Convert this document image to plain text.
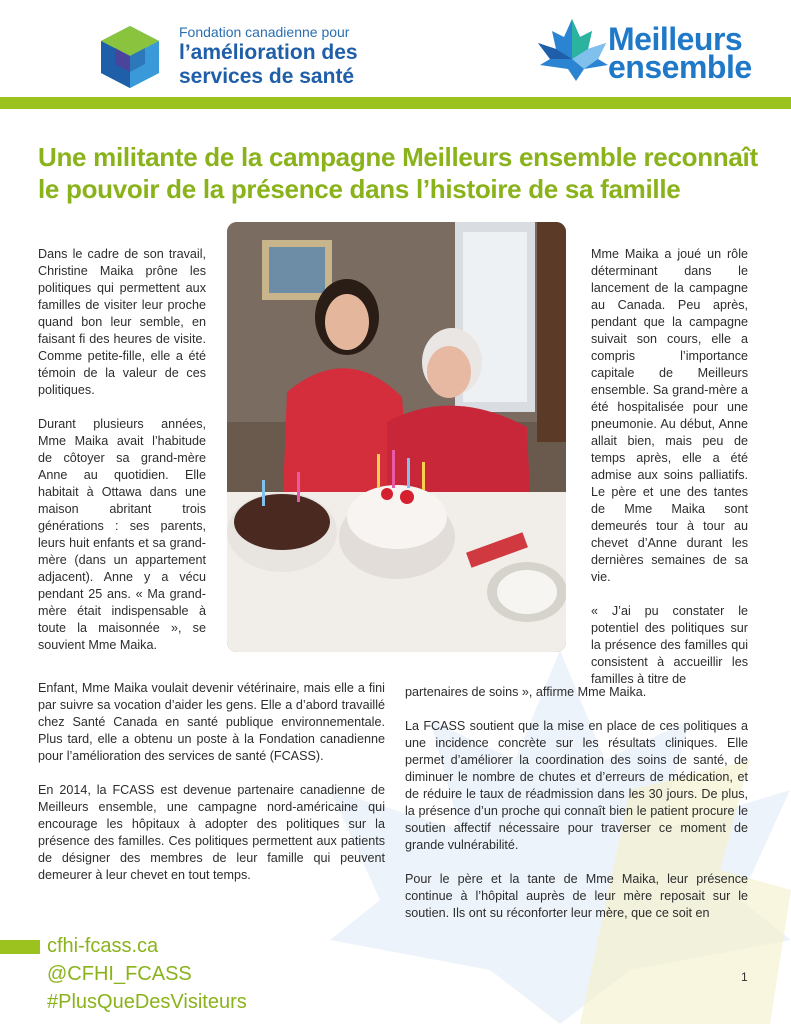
Fondation canadienne pour
l’amélioration des
services de santé
Meilleurs
ensemble
Une militante de la campagne Meilleurs ensemble reconnaît le pouvoir de la présence dans l’histoire de sa famille

Dans le cadre de son travail, Christine Maika prône les politiques qui permettent aux familles de visiter leur proche quand bon leur semble, en faisant fi des heures de visite. Comme petite-fille, elle a été témoin de la valeur de ces politiques.

Durant plusieurs années, Mme Maika avait l’habitude de côtoyer sa grand-mère Anne au quotidien. Elle habitait à Ottawa dans une maison abritant trois générations : ses parents, leurs huit enfants et sa grand-mère (dans un appartement adjacent). Anne y a vécu pendant 25 ans. « Ma grand-mère était indispensable à toute la maisonnée », se souvient Mme Maika.

Mme Maika a joué un rôle déterminant dans le lancement de la campagne au Canada. Peu après, pendant que la campagne suivait son cours, elle a compris l’importance capitale de Meilleurs ensemble. Sa grand-mère a été hospitalisée pour une pneumonie. Au début, Anne allait bien, mais peu de temps après, elle a été admise aux soins palliatifs. Le père et une des tantes de Mme Maika sont demeurés tour à tour au chevet d’Anne durant les dernières semaines de sa vie.

« J’ai pu constater le potentiel des politiques sur la présence des familles qui consistent à accueillir les familles à titre de

Enfant, Mme Maika voulait devenir vétérinaire, mais elle a fini par suivre sa vocation d’aider les gens. Elle a d’abord travaillé chez Santé Canada en santé publique environnementale. Plus tard, elle a obtenu un poste à la Fondation canadienne pour l’amélioration des services de santé (FCASS).

En 2014, la FCASS est devenue partenaire canadienne de Meilleurs ensemble, une campagne nord-américaine qui encourage les hôpitaux à adopter des politiques sur la présence des familles. Ces politiques permettent aux patients de désigner des membres de leur famille qui peuvent demeurer à leur chevet en tout temps.

partenaires de soins », affirme Mme Maika.

La FCASS soutient que la mise en place de ces politiques a une incidence concrète sur les résultats cliniques. Elle permet d’améliorer la coordination des soins de santé, de diminuer le nombre de chutes et d’erreurs de médication, et de réduire le taux de réadmission dans les 30 jours. De plus, la présence d’un proche qui connaît bien le patient procure le soutien affectif nécessaire pour traverser ce moment de grande vulnérabilité.

Pour le père et la tante de Mme Maika, leur présence continue à l’hôpital auprès de leur mère reposait sur le soutien. Ils ont su réconforter leur mère, que ce soit en

cfhi-fcass.ca
@CFHI_FCASS
#PlusQueDesVisiteurs
1
